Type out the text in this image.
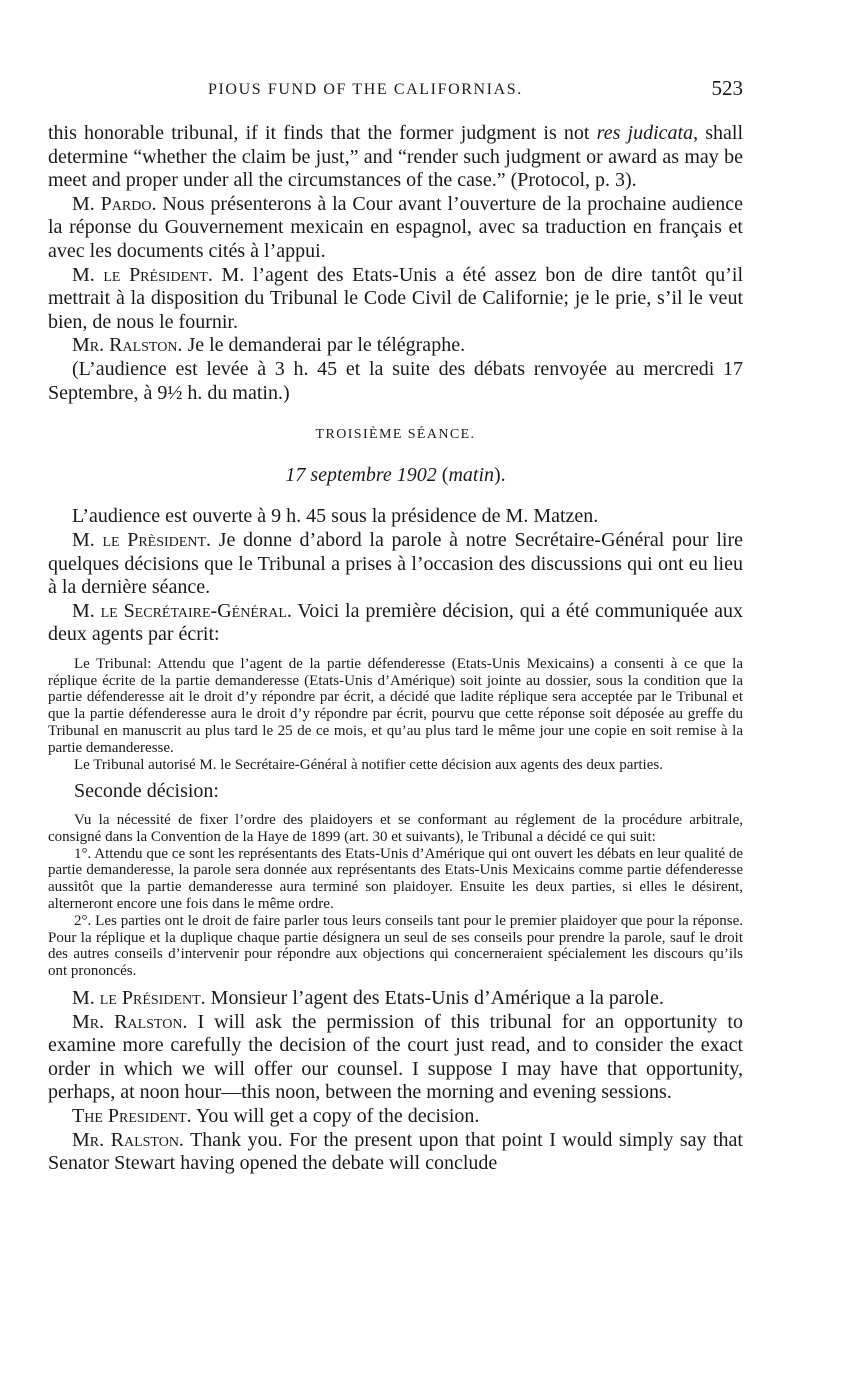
PIOUS FUND OF THE CALIFORNIAS.	523

this honorable tribunal, if it finds that the former judgment is not res judicata, shall determine “whether the claim be just,” and “render such judgment or award as may be meet and proper under all the circumstances of the case.” (Protocol, p. 3).

M. Pardo. Nous présenterons à la Cour avant l’ouverture de la prochaine audience la réponse du Gouvernement mexicain en espagnol, avec sa traduction en français et avec les documents cités à l’appui.

M. le Président. M. l’agent des Etats-Unis a été assez bon de dire tantôt qu’il mettrait à la disposition du Tribunal le Code Civil de Californie; je le prie, s’il le veut bien, de nous le fournir.

Mr. Ralston. Je le demanderai par le télégraphe.

(L’audience est levée à 3 h. 45 et la suite des débats renvoyée au mercredi 17 Septembre, à 9½ h. du matin.)

TROISIÈME SÉANCE.
17 septembre 1902 (matin).

L’audience est ouverte à 9 h. 45 sous la présidence de M. Matzen.

M. le Prèsident. Je donne d’abord la parole à notre Secrétaire-Général pour lire quelques décisions que le Tribunal a prises à l’occasion des discussions qui ont eu lieu à la dernière séance.

M. le Secrétaire-Général. Voici la première décision, qui a été communiquée aux deux agents par écrit:

Le Tribunal: Attendu que l’agent de la partie défenderesse (Etats-Unis Mexicains) a consenti à ce que la réplique écrite de la partie demanderesse (Etats-Unis d’Amérique) soit jointe au dossier, sous la condition que la partie défenderesse ait le droit d’y répondre par écrit, a décidé que ladite réplique sera acceptée par le Tribunal et que la partie défenderesse aura le droit d’y répondre par écrit, pourvu que cette réponse soit déposée au greffe du Tribunal en manuscrit au plus tard le 25 de ce mois, et qu’au plus tard le même jour une copie en soit remise à la partie demanderesse.

Le Tribunal autorisé M. le Secrétaire-Général à notifier cette décision aux agents des deux parties.

Seconde décision:

Vu la nécessité de fixer l’ordre des plaidoyers et se conformant au réglement de la procédure arbitrale, consigné dans la Convention de la Haye de 1899 (art. 30 et suivants), le Tribunal a décidé ce qui suit:

1°. Attendu que ce sont les représentants des Etats-Unis d’Amérique qui ont ouvert les débats en leur qualité de partie demanderesse, la parole sera donnée aux représentants des Etats-Unis Mexicains comme partie défenderesse aussitôt que la partie demanderesse aura terminé son plaidoyer. Ensuite les deux parties, si elles le désirent, alterneront encore une fois dans le même ordre.

2°. Les parties ont le droit de faire parler tous leurs conseils tant pour le premier plaidoyer que pour la réponse. Pour la réplique et la duplique chaque partie désignera un seul de ses conseils pour prendre la parole, sauf le droit des autres conseils d’intervenir pour répondre aux objections qui concerneraient spécialement les discours qu’ils ont prononcés.

M. le Président. Monsieur l’agent des Etats-Unis d’Amérique a la parole.

Mr. Ralston. I will ask the permission of this tribunal for an opportunity to examine more carefully the decision of the court just read, and to consider the exact order in which we will offer our counsel. I suppose I may have that opportunity, perhaps, at noon hour—this noon, between the morning and evening sessions.

The President. You will get a copy of the decision.

Mr. Ralston. Thank you. For the present upon that point I would simply say that Senator Stewart having opened the debate will conclude
